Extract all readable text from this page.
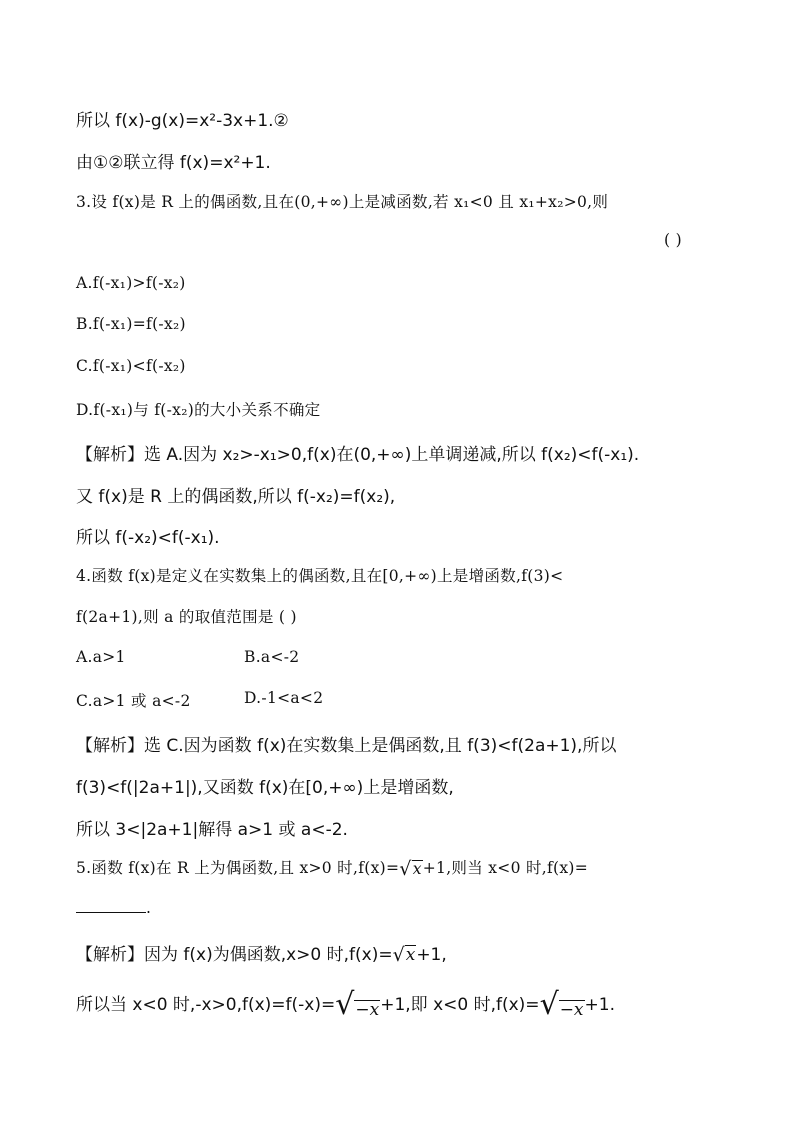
所以 f(x)-g(x)=x²-3x+1.②
由①②联立得 f(x)=x²+1.
3.设 f(x)是 R 上的偶函数,且在(0,+∞)上是减函数,若 x₁<0 且 x₁+x₂>0,则
( )
A.f(-x₁)>f(-x₂)
B.f(-x₁)=f(-x₂)
C.f(-x₁)<f(-x₂)
D.f(-x₁)与 f(-x₂)的大小关系不确定
【解析】选 A.因为 x₂>-x₁>0,f(x)在(0,+∞)上单调递减,所以 f(x₂)<f(-x₁).
又 f(x)是 R 上的偶函数,所以 f(-x₂)=f(x₂),
所以 f(-x₂)<f(-x₁).
4.函数 f(x)是定义在实数集上的偶函数,且在[0,+∞)上是增函数,f(3)<
f(2a+1),则 a 的取值范围是 ( )
A.a>1	B.a<-2
C.a>1 或 a<-2	D.-1<a<2
【解析】选 C.因为函数 f(x)在实数集上是偶函数,且 f(3)<f(2a+1),所以
f(3)<f(|2a+1|),又函数 f(x)在[0,+∞)上是增函数,
所以 3<|2a+1|解得 a>1 或 a<-2.
5.函数 f(x)在 R 上为偶函数,且 x>0 时,f(x)= √ x +1,则当 x<0 时,f(x)=
.
【解析】因为 f(x)为偶函数,x>0 时,f(x)= √ x +1,
所以当 x<0 时,-x>0,f(x)=f(-x)= √ −x +1,即 x<0 时,f(x)= √ −x +1.
